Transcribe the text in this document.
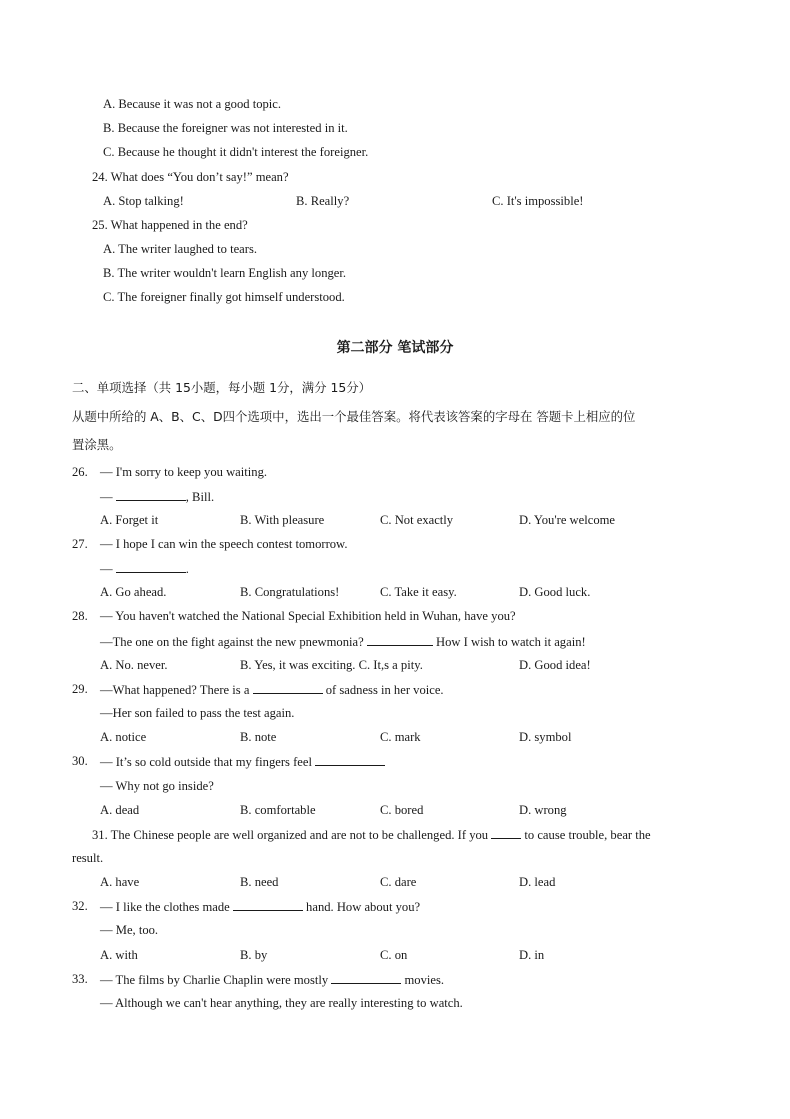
A. Because it was not a good topic.
B. Because the foreigner was not interested in it.
C. Because he thought it didn't interest the foreigner.
24. What does “You don’t say!” mean?
A. Stop talking!	B. Really?	C. It's impossible!
25. What happened in the end?
A. The writer laughed to tears.
B. The writer wouldn't learn English any longer.
C. The foreigner finally got himself understood.
第二部分 笔试部分
二、单项选择（共 15小题，每小题 1分，满分 15分）
从题中所给的 A、B、C、D四个选项中，选出一个最佳答案。将代表该答案的字母在 答题卡上相应的位
置涂黑。
26. — I'm sorry to keep you waiting.
—	, Bill.
A. Forget it	B. With pleasure	C. Not exactly	D. You're welcome
27. — I hope I can win the speech contest tomorrow.
—	.
A. Go ahead.	B. Congratulations!	C. Take it easy.	D. Good luck.
28. — You haven't watched the National Special Exhibition held in Wuhan, have you?
—The one on the fight against the new pnewmonia?	How I wish to watch it again!
A. No. never.	B. Yes, it was exciting. C. It,s a pity.	D. Good idea!
29. —What happened? There is a	of sadness in her voice.
—Her son failed to pass the test again.
A. notice	B. note	C. mark	D. symbol
30. — It’s so cold outside that my fingers feel
— Why not go inside?
A. dead	B. comfortable	C. bored	D. wrong
31. The Chinese people are well organized and are not to be challenged. If you  to cause trouble, bear the
result.
A. have	B. need	C. dare	D. lead
32. — I like the clothes made	hand. How about you?
— Me, too.
A. with	B. by	C. on	D. in
33. — The films by Charlie Chaplin were mostly	movies.
— Although we can't hear anything, they are really interesting to watch.
